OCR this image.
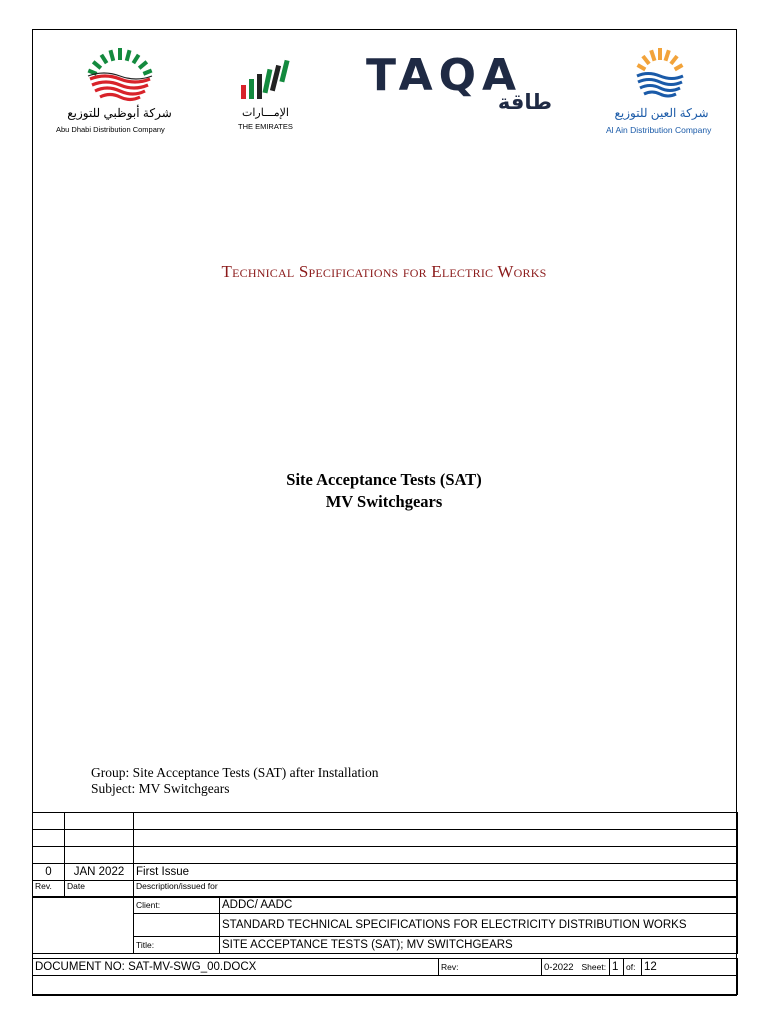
شركة أبوظبي للتوزيع
Abu Dhabi Distribution Company
الإمـــارات
THE EMIRATES
TAQA
طاقة	شركة العين للتوزيع
Al Ain Distribution Company
Technical Specifications for Electric Works
Site Acceptance Tests (SAT)
MV Switchgears
Group: Site Acceptance Tests (SAT) after Installation
Subject: MV Switchgears

0	JAN 2022	First Issue
Rev.	Date	Description/issued for
	Client:	ADDC/ AADC
		STANDARD TECHNICAL SPECIFICATIONS FOR ELECTRICITY DISTRIBUTION WORKS
	Title:	SITE ACCEPTANCE TESTS (SAT); MV SWITCHGEARS
DOCUMENT NO: SAT-MV-SWG_00.DOCX	Rev:	0-2022	Sheet:	1	of:	12
